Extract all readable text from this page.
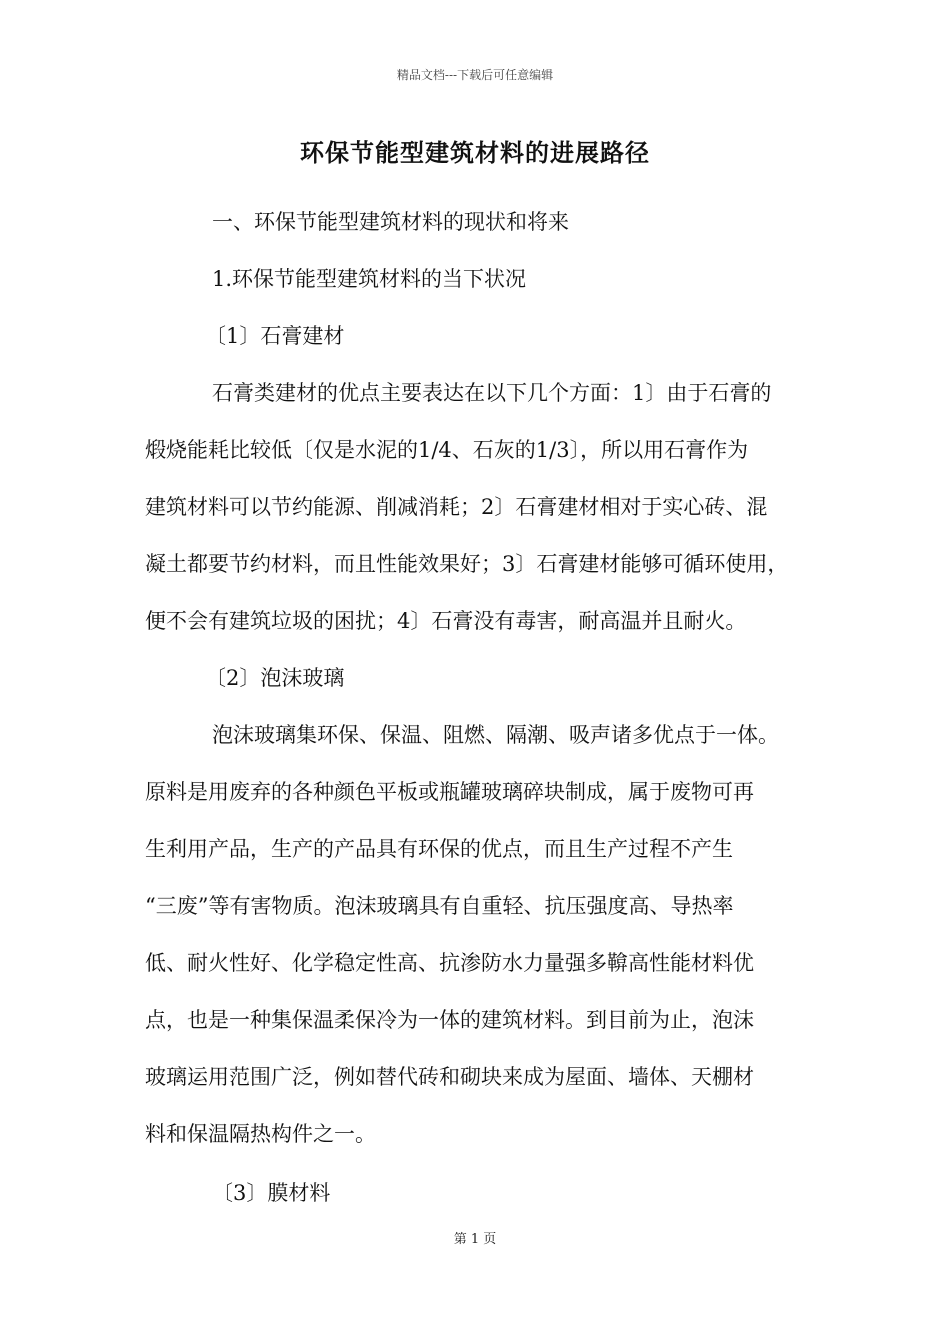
精品文档---下载后可任意编辑
环保节能型建筑材料的进展路径
一、环保节能型建筑材料的现状和将来
1.环保节能型建筑材料的当下状况
〔1〕石膏建材
石膏类建材的优点主要表达在以下几个方面：1〕由于石膏的
煅烧能耗比较低〔仅是水泥的1/4、石灰的1/3〕，所以用石膏作为
建筑材料可以节约能源、削减消耗；2〕石膏建材相对于实心砖、混
凝土都要节约材料，而且性能效果好；3〕石膏建材能够可循环使用，
便不会有建筑垃圾的困扰；4〕石膏没有毒害，耐高温并且耐火。
〔2〕泡沫玻璃
泡沫玻璃集环保、保温、阻燃、隔潮、吸声诸多优点于一体。
原料是用废弃的各种颜色平板或瓶罐玻璃碎块制成，属于废物可再
生利用产品，生产的产品具有环保的优点，而且生产过程不产生
“三废”等有害物质。泡沫玻璃具有自重轻、抗压强度高、导热率
低、耐火性好、化学稳定性高、抗渗防水力量强多鞥高性能材料优
点，也是一种集保温柔保冷为一体的建筑材料。到目前为止，泡沫
玻璃运用范围广泛，例如替代砖和砌块来成为屋面、墙体、天棚材
料和保温隔热构件之一。
〔3〕膜材料
第 1 页
